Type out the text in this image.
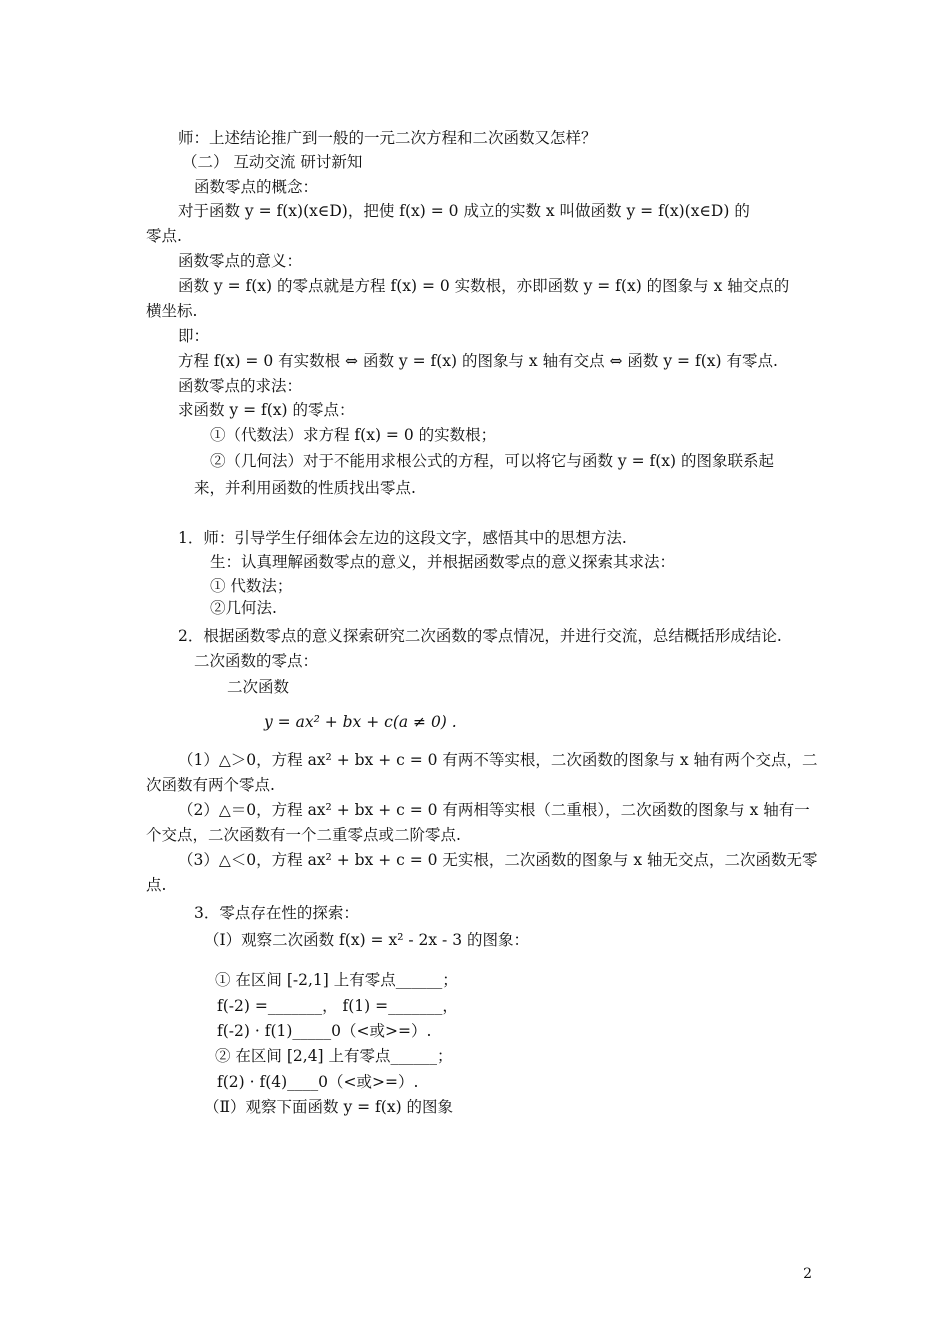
师：上述结论推广到一般的一元二次方程和二次函数又怎样？
（二） 互动交流 研讨新知
函数零点的概念：
对于函数 y = f(x)(x∈D)，把使 f(x) = 0 成立的实数 x 叫做函数 y = f(x)(x∈D) 的
零点.
函数零点的意义：
函数 y = f(x) 的零点就是方程 f(x) = 0 实数根，亦即函数 y = f(x) 的图象与 x 轴交点的
横坐标.
即：
方程 f(x) = 0 有实数根 ⇔ 函数 y = f(x) 的图象与 x 轴有交点 ⇔ 函数 y = f(x) 有零点.
函数零点的求法：
求函数 y = f(x) 的零点：
①（代数法）求方程 f(x) = 0 的实数根；
②（几何法）对于不能用求根公式的方程，可以将它与函数 y = f(x) 的图象联系起
来，并利用函数的性质找出零点.
1．师：引导学生仔细体会左边的这段文字，感悟其中的思想方法.
生：认真理解函数零点的意义，并根据函数零点的意义探索其求法：
① 代数法；
②几何法.
2．根据函数零点的意义探索研究二次函数的零点情况，并进行交流，总结概括形成结论.
二次函数的零点：
二次函数
y = ax² + bx + c(a ≠ 0) .
（1）△＞0，方程 ax² + bx + c = 0 有两不等实根，二次函数的图象与 x 轴有两个交点，二
次函数有两个零点.
（2）△＝0，方程 ax² + bx + c = 0 有两相等实根（二重根），二次函数的图象与 x 轴有一
个交点，二次函数有一个二重零点或二阶零点.
（3）△＜0，方程 ax² + bx + c = 0 无实根，二次函数的图象与 x 轴无交点，二次函数无零
点.
3．零点存在性的探索：
（Ⅰ）观察二次函数 f(x) = x² - 2x - 3 的图象：
① 在区间 [-2,1] 上有零点______；
f(-2) =_______， f(1) =_______，
f(-2) · f(1)_____0（<或>=）.
② 在区间 [2,4] 上有零点______；
f(2) · f(4)____0（<或>=）.
（Ⅱ）观察下面函数 y = f(x) 的图象
2
